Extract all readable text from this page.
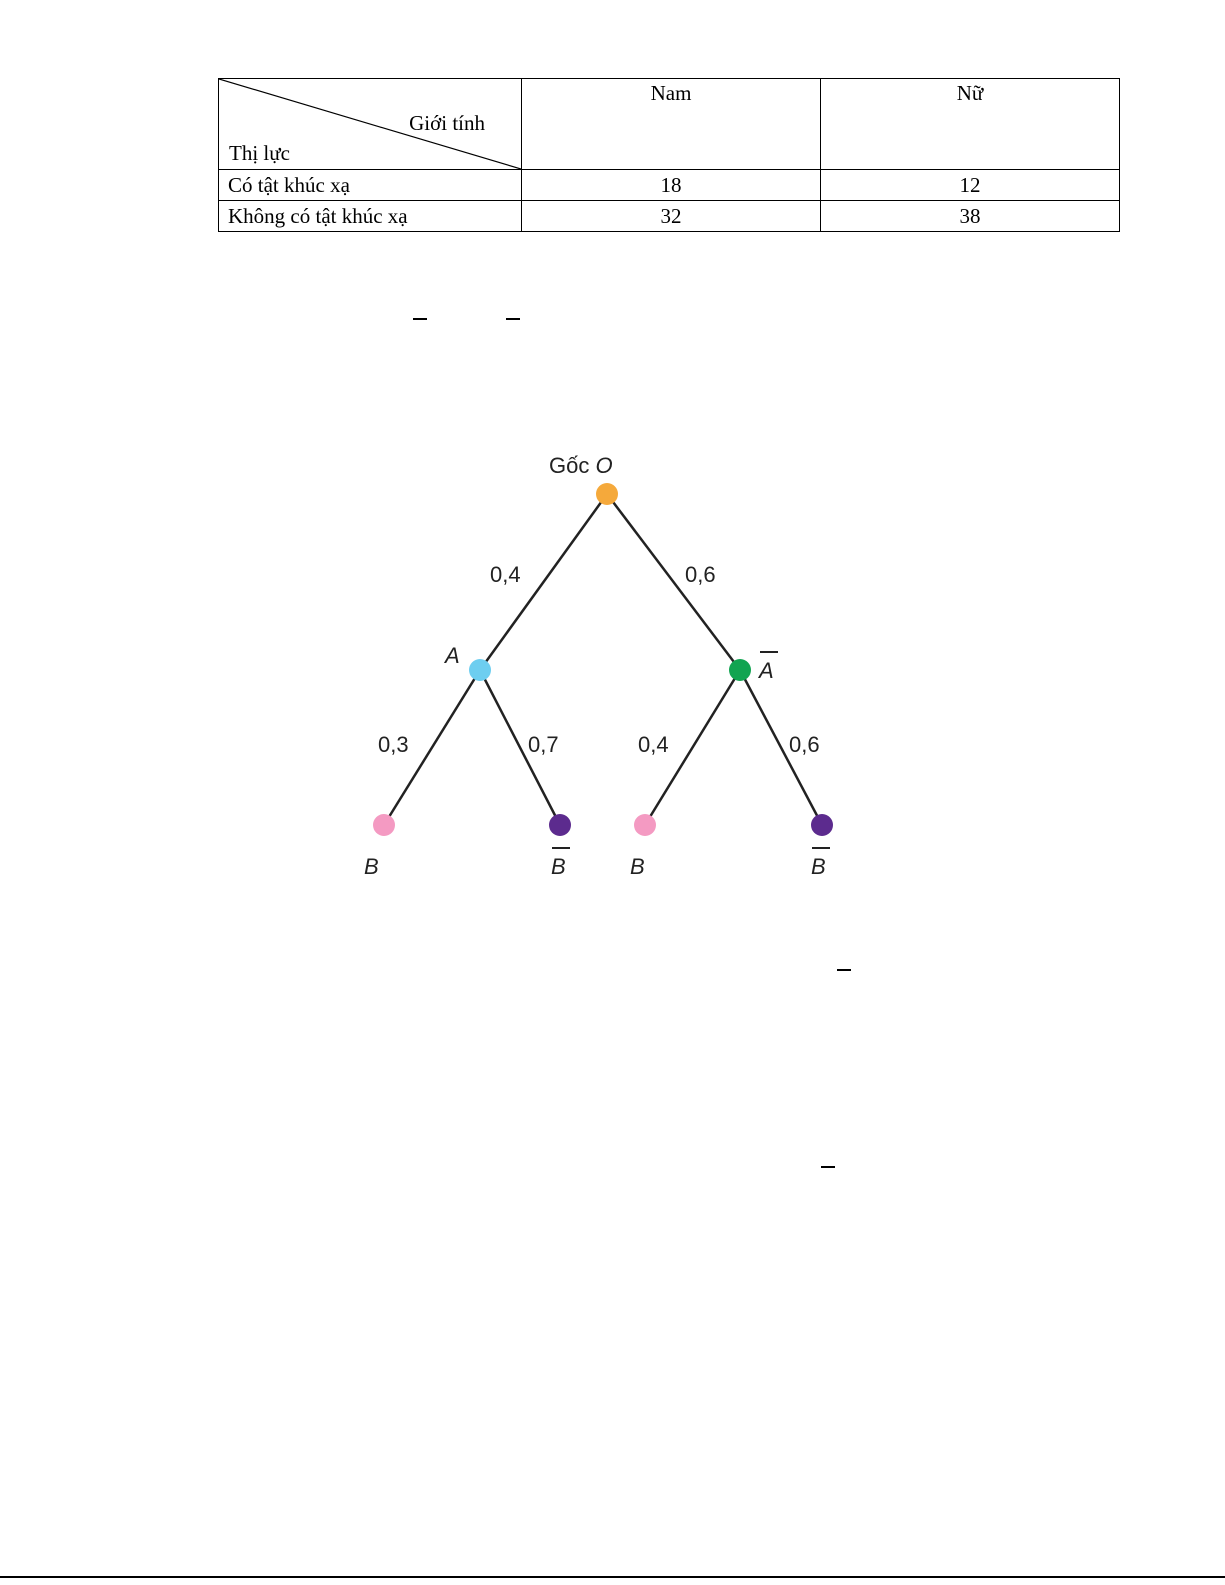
Giới tính
Thị lực	Nam	Nữ
Có tật khúc xạ	18	12
Không có tật khúc xạ	32	38
Gốc O
A
A
B	B	B	B
0,4	0,6
0,3	0,7	0,4	0,6
